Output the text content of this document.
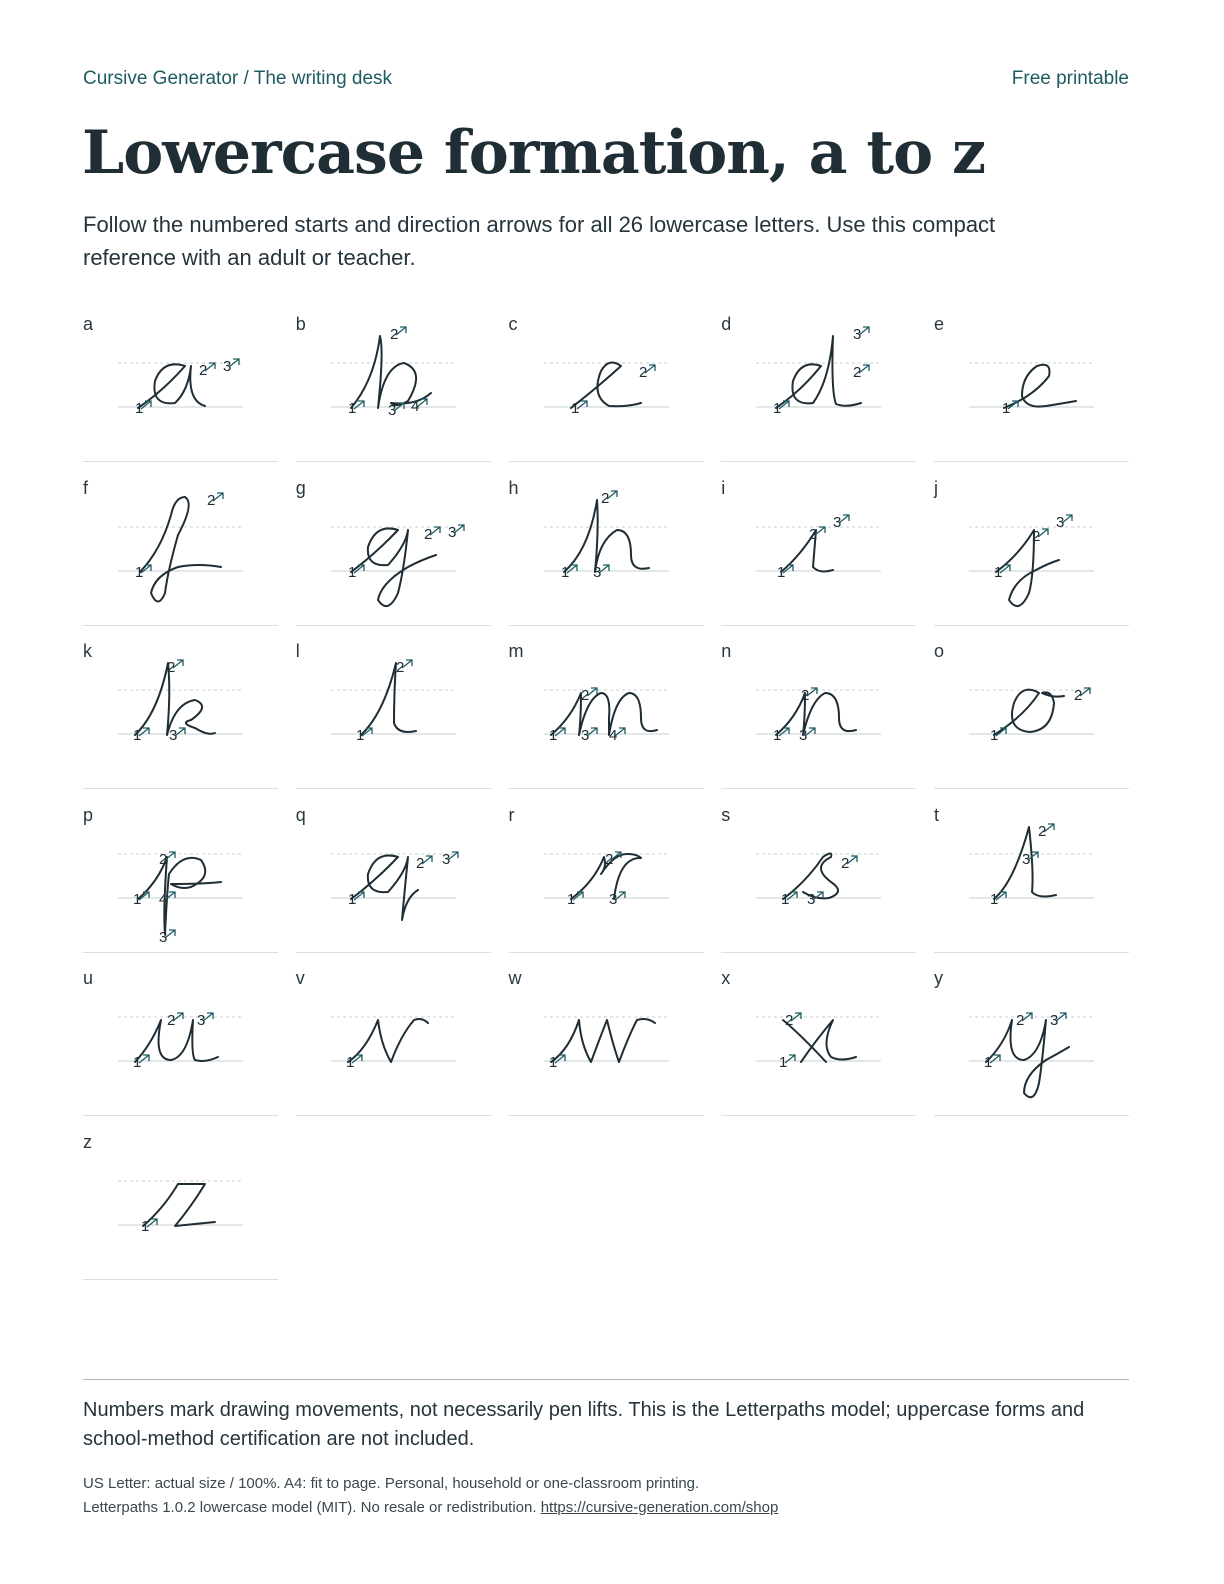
Cursive Generator / The writing desk	Free printable
Lowercase formation, a to z

Follow the numbered starts and direction arrows for all 26 lowercase letters. Use this compact reference with an adult or teacher.

a
1
2 3
b
1
2
3 4
c
1
2
d
1
2
3
e
1
f
1
2
g
1
2 3
h
1
2
3
i
1
2
3
j
1
2
3
k
1
2
3
l
1
2
m
1
2
3 4
n
1
2
3
o
1
2
p
1
2
3
4
q
1
2 3
r
1
2
3
s
1
2
3
t
1
2
3
u
1
2 3
v
1
w
1
x
1
2
y
1
2 3
z
1

Numbers mark drawing movements, not necessarily pen lifts. This is the Letterpaths model; uppercase forms and school-method certification are not included.

US Letter: actual size / 100%. A4: fit to page. Personal, household or one-classroom printing.
Letterpaths 1.0.2 lowercase model (MIT). No resale or redistribution. https://cursive-generation.com/shop
